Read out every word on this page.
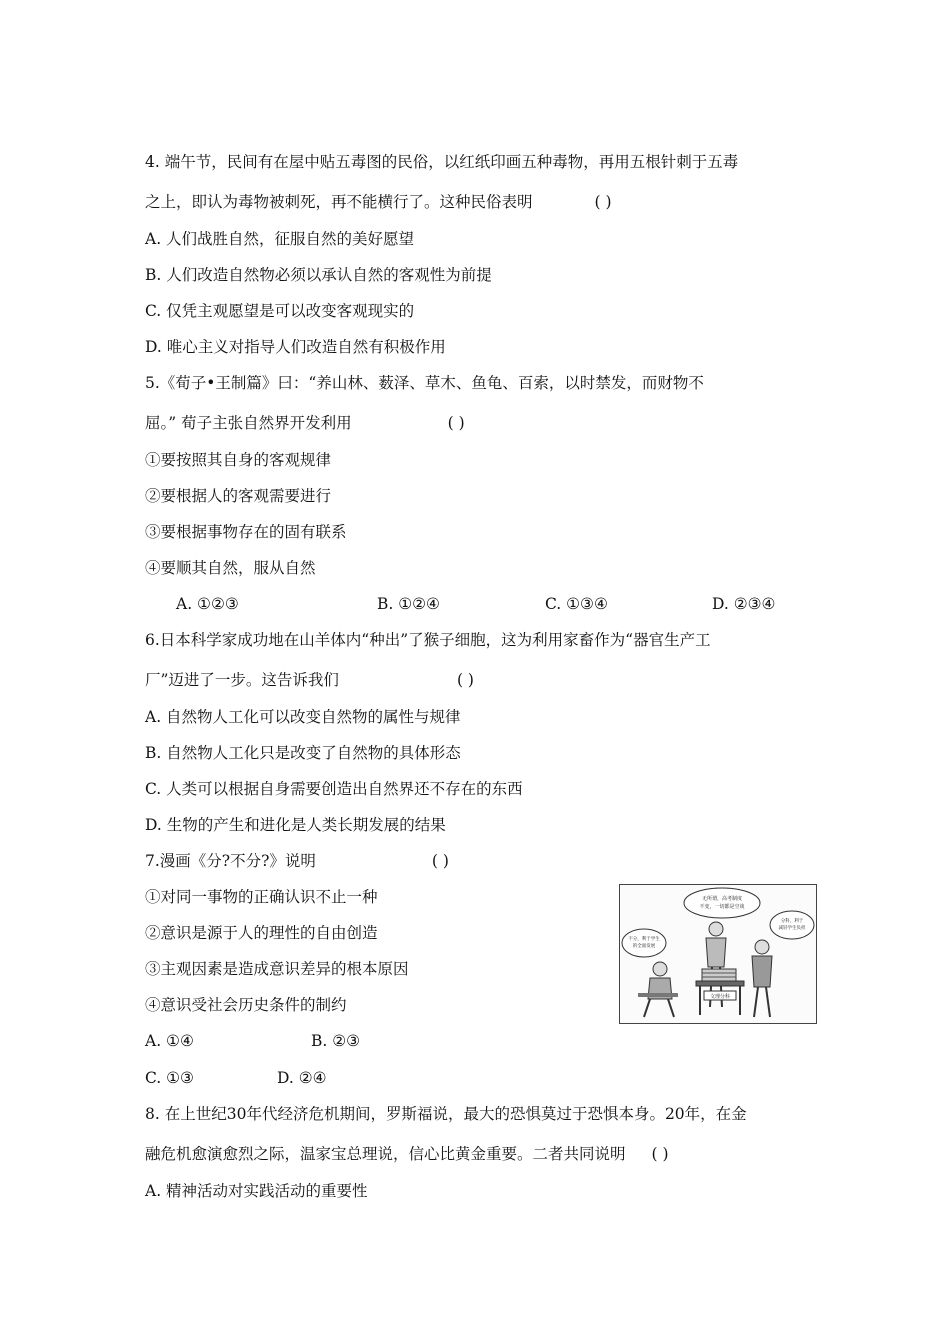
4. 端午节，民间有在屋中贴五毒图的民俗，以红纸印画五种毒物，再用五根针刺于五毒
之上，即认为毒物被刺死，再不能横行了。这种民俗表明	( )
A. 人们战胜自然，征服自然的美好愿望
B. 人们改造自然物必须以承认自然的客观性为前提
C. 仅凭主观愿望是可以改变客观现实的
D. 唯心主义对指导人们改造自然有积极作用
5.《荀子•王制篇》曰：“养山林、薮泽、草木、鱼龟、百索，以时禁发，而财物不
屈。” 荀子主张自然界开发利用	( )
①要按照其自身的客观规律
②要根据人的客观需要进行
③要根据事物存在的固有联系
④要顺其自然，服从自然
A. ①②③	B. ①②④	C. ①③④	D. ②③④
6.日本科学家成功地在山羊体内“种出”了猴子细胞，这为利用家畜作为“器官生产工
厂”迈进了一步。这告诉我们	( )
A. 自然物人工化可以改变自然物的属性与规律
B. 自然物人工化只是改变了自然物的具体形态
C. 人类可以根据自身需要创造出自然界还不存在的东西
D. 生物的产生和进化是人类长期发展的结果
7.漫画《分?不分?》说明	( )
①对同一事物的正确认识不止一种
②意识是源于人的理性的自由创造
③主观因素是造成意识差异的根本原因
④意识受社会历史条件的制约
A. ①④	B. ②③
C. ①③	D. ②④
无所谓，高考制度
不变，一切都是空谈
不分，利于学生
的全面发展
分科，利于
减轻学生负担
文理分科
8. 在上世纪30年代经济危机期间，罗斯福说，最大的恐惧莫过于恐惧本身。20年，在金
融危机愈演愈烈之际，温家宝总理说，信心比黄金重要。二者共同说明 ( )
A. 精神活动对实践活动的重要性
